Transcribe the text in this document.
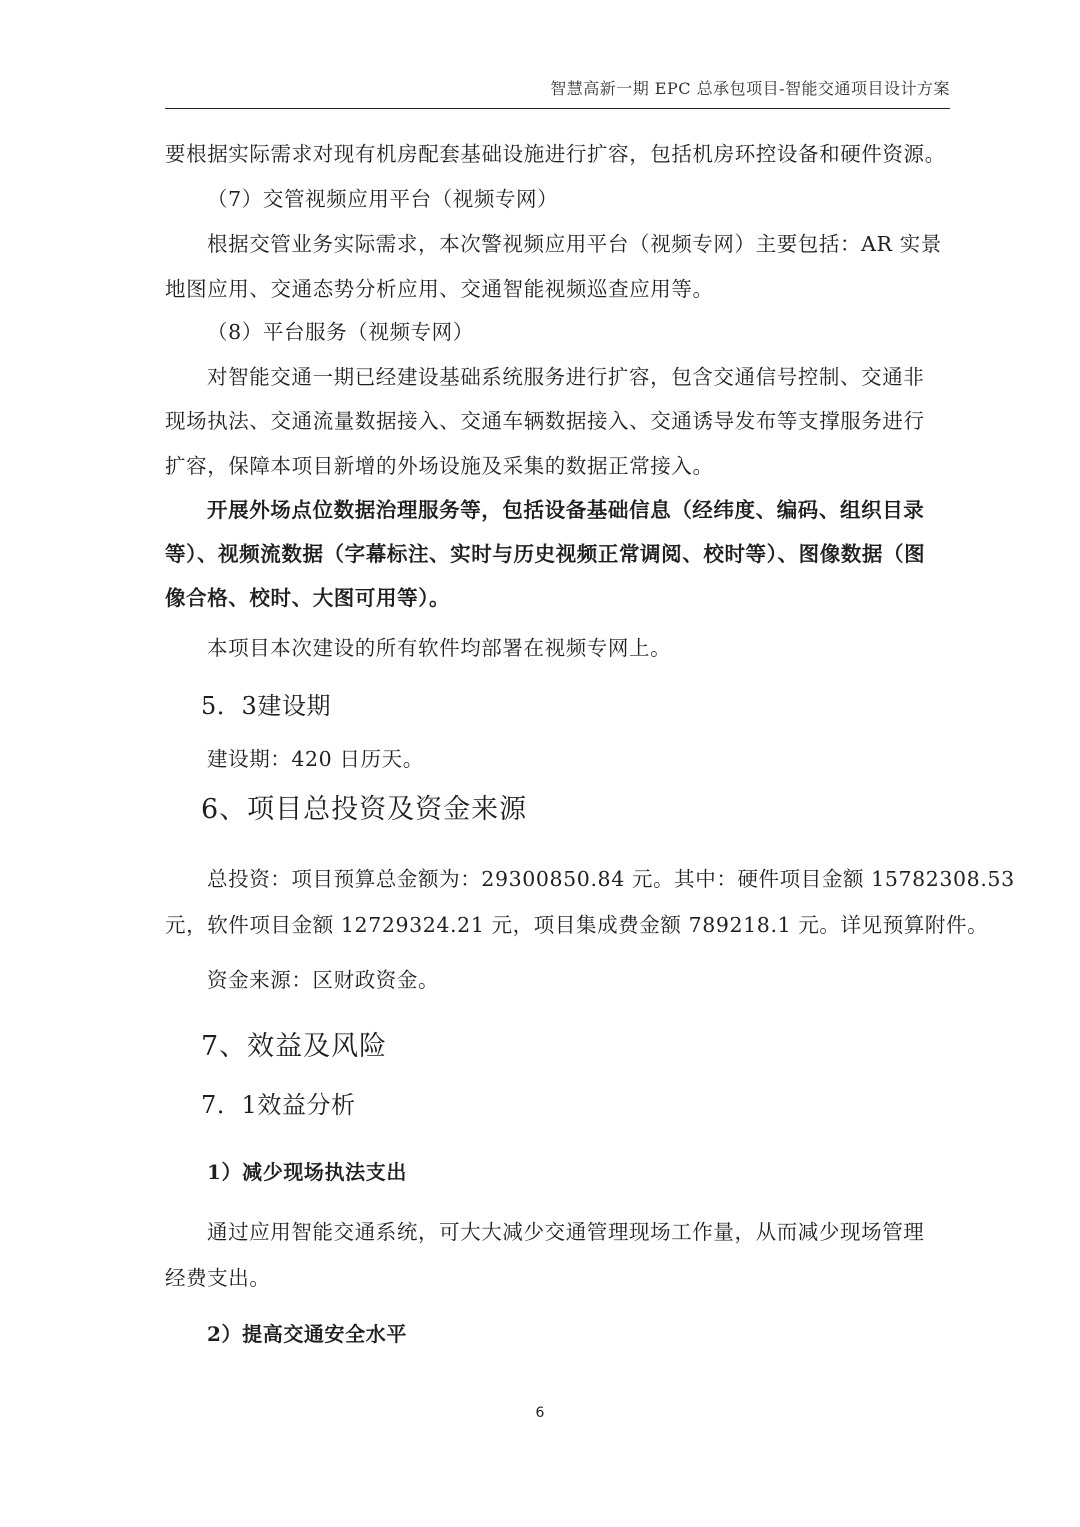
智慧高新一期 EPC 总承包项目-智能交通项目设计方案
要根据实际需求对现有机房配套基础设施进行扩容，包括机房环控设备和硬件资源。
（7）交管视频应用平台（视频专网）
根据交管业务实际需求，本次警视频应用平台（视频专网）主要包括：AR 实景
地图应用、交通态势分析应用、交通智能视频巡查应用等。
（8）平台服务（视频专网）
对智能交通一期已经建设基础系统服务进行扩容，包含交通信号控制、交通非
现场执法、交通流量数据接入、交通车辆数据接入、交通诱导发布等支撑服务进行
扩容，保障本项目新增的外场设施及采集的数据正常接入。
开展外场点位数据治理服务等，包括设备基础信息（经纬度、编码、组织目录
等）、视频流数据（字幕标注、实时与历史视频正常调阅、校时等）、图像数据（图
像合格、校时、大图可用等）。
本项目本次建设的所有软件均部署在视频专网上。
5．3建设期
建设期：420 日历天。
6、项目总投资及资金来源
总投资：项目预算总金额为：29300850.84 元。其中：硬件项目金额 15782308.53
元，软件项目金额 12729324.21 元，项目集成费金额 789218.1 元。详见预算附件。
资金来源：区财政资金。
7、效益及风险
7．1效益分析
1）减少现场执法支出
通过应用智能交通系统，可大大减少交通管理现场工作量，从而减少现场管理
经费支出。
2）提高交通安全水平
6
